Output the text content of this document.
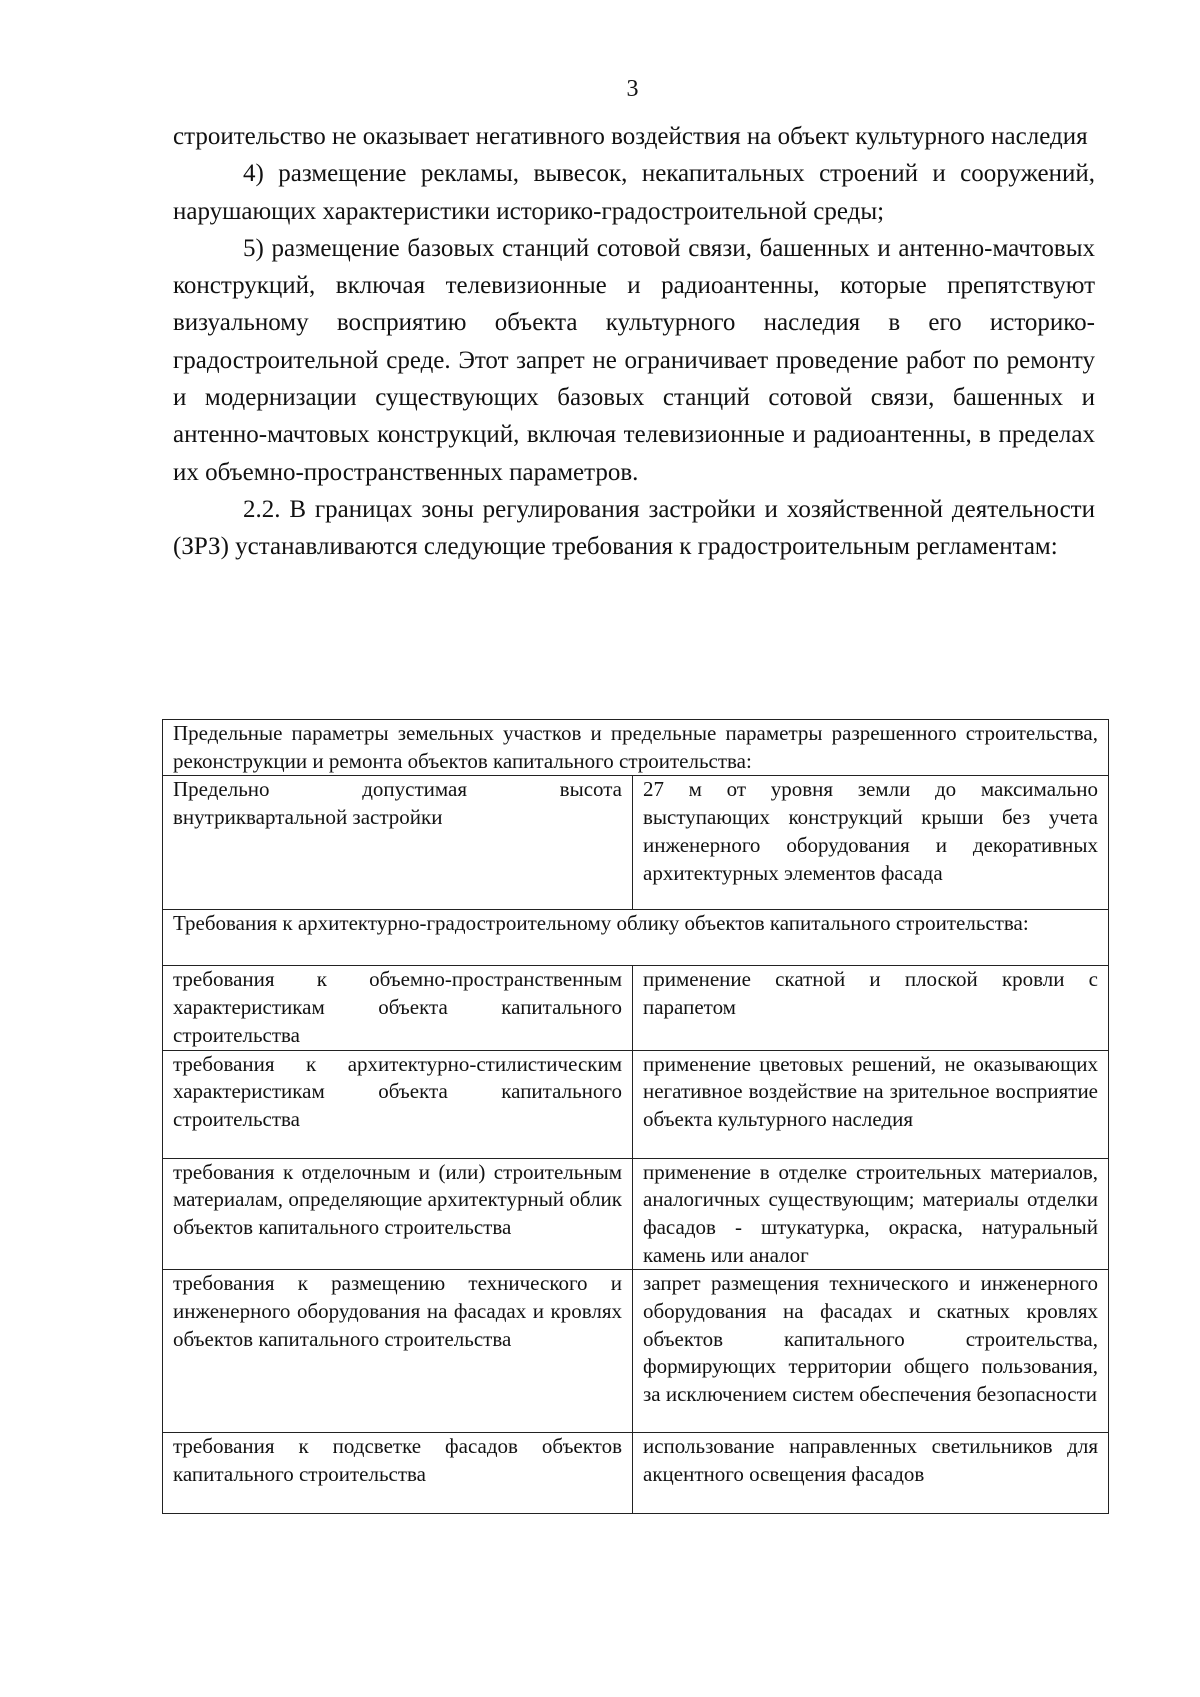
3

строительство не оказывает негативного воздействия на объект культурного наследия

4) размещение рекламы, вывесок, некапитальных строений и сооружений, нарушающих характеристики историко-градостроительной среды;

5) размещение базовых станций сотовой связи, башенных и антенно-мачтовых конструкций, включая телевизионные и радиоантенны, которые препятствуют визуальному восприятию объекта культурного наследия в его историко-градостроительной среде. Этот запрет не ограничивает проведение работ по ремонту и модернизации существующих базовых станций сотовой связи, башенных и антенно-мачтовых конструкций, включая телевизионные и радиоантенны, в пределах их объемно-пространственных параметров.

2.2. В границах зоны регулирования застройки и хозяйственной деятельности (ЗРЗ) устанавливаются следующие требования к градостроительным регламентам:

Предельные параметры земельных участков и предельные параметры разрешенного строительства, реконструкции и ремонта объектов капитального строительства:	
Предельно допустимая высота внутриквартальной застройки	27 м от уровня земли до максимально выступающих конструкций крыши без учета инженерного оборудования и декоративных архитектурных элементов фасада
Требования к архитектурно-градостроительному облику объектов капитального строительства:	
требования к объемно-пространственным характеристикам объекта капитального строительства	применение скатной и плоской кровли с парапетом
требования к архитектурно-стилистическим характеристикам объекта капитального строительства	применение цветовых решений, не оказывающих негативное воздействие на зрительное восприятие объекта культурного наследия
требования к отделочным и (или) строительным материалам, определяющие архитектурный облик объектов капитального строительства	применение в отделке строительных материалов, аналогичных существующим; материалы отделки фасадов - штукатурка, окраска, натуральный камень или аналог
требования к размещению технического и инженерного оборудования на фасадах и кровлях объектов капитального строительства	запрет размещения технического и инженерного оборудования на фасадах и скатных кровлях объектов капитального строительства, формирующих территории общего пользования, за исключением систем обеспечения безопасности
требования к подсветке фасадов объектов капитального строительства	использование направленных светильников для акцентного освещения фасадов
